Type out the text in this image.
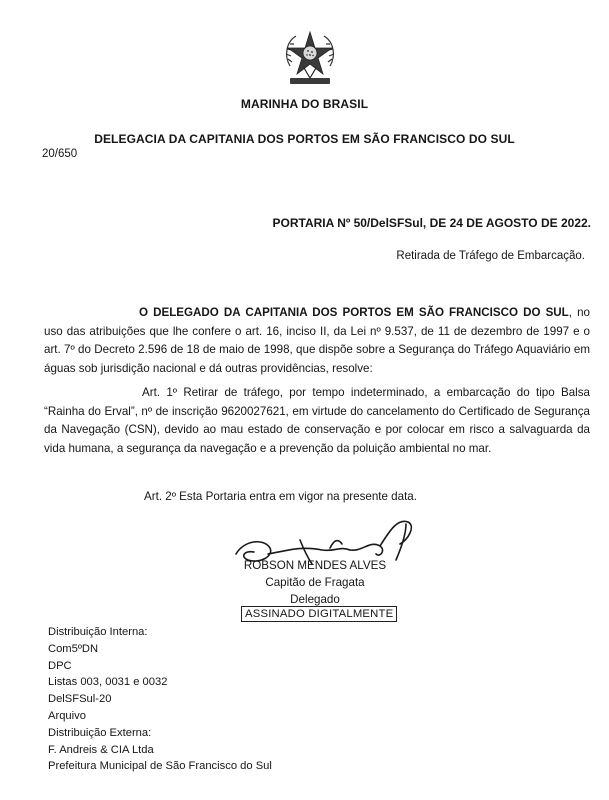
MARINHA DO BRASIL
DELEGACIA DA CAPITANIA DOS PORTOS EM SÃO FRANCISCO DO SUL
20/650
PORTARIA Nº 50/DelSFSul, DE 24 DE AGOSTO DE 2022.
Retirada de Tráfego de Embarcação.
O DELEGADO DA CAPITANIA DOS PORTOS EM SÃO FRANCISCO DO SUL, no uso das atribuições que lhe confere o art. 16, inciso II, da Lei nº 9.537, de 11 de dezembro de 1997 e o art. 7º do Decreto 2.596 de 18 de maio de 1998, que dispõe sobre a Segurança do Tráfego Aquaviário em águas sob jurisdição nacional e dá outras providências, resolve:
Art. 1º Retirar de tráfego, por tempo indeterminado, a embarcação do tipo Balsa “Rainha do Erval”, nº de inscrição 9620027621, em virtude do cancelamento do Certificado de Segurança da Navegação (CSN), devido ao mau estado de conservação e por colocar em risco a salvaguarda da vida humana, a segurança da navegação e a prevenção da poluição ambiental no mar.
Art. 2º Esta Portaria entra em vigor na presente data.
ROBSON MENDES ALVES
Capitão de Fragata
Delegado
ASSINADO DIGITALMENTE
Distribuição Interna:
Com5ºDN
DPC
Listas 003, 0031 e 0032
DelSFSul-20
Arquivo
Distribuição Externa:
F. Andreis & CIA Ltda
Prefeitura Municipal de São Francisco do Sul
